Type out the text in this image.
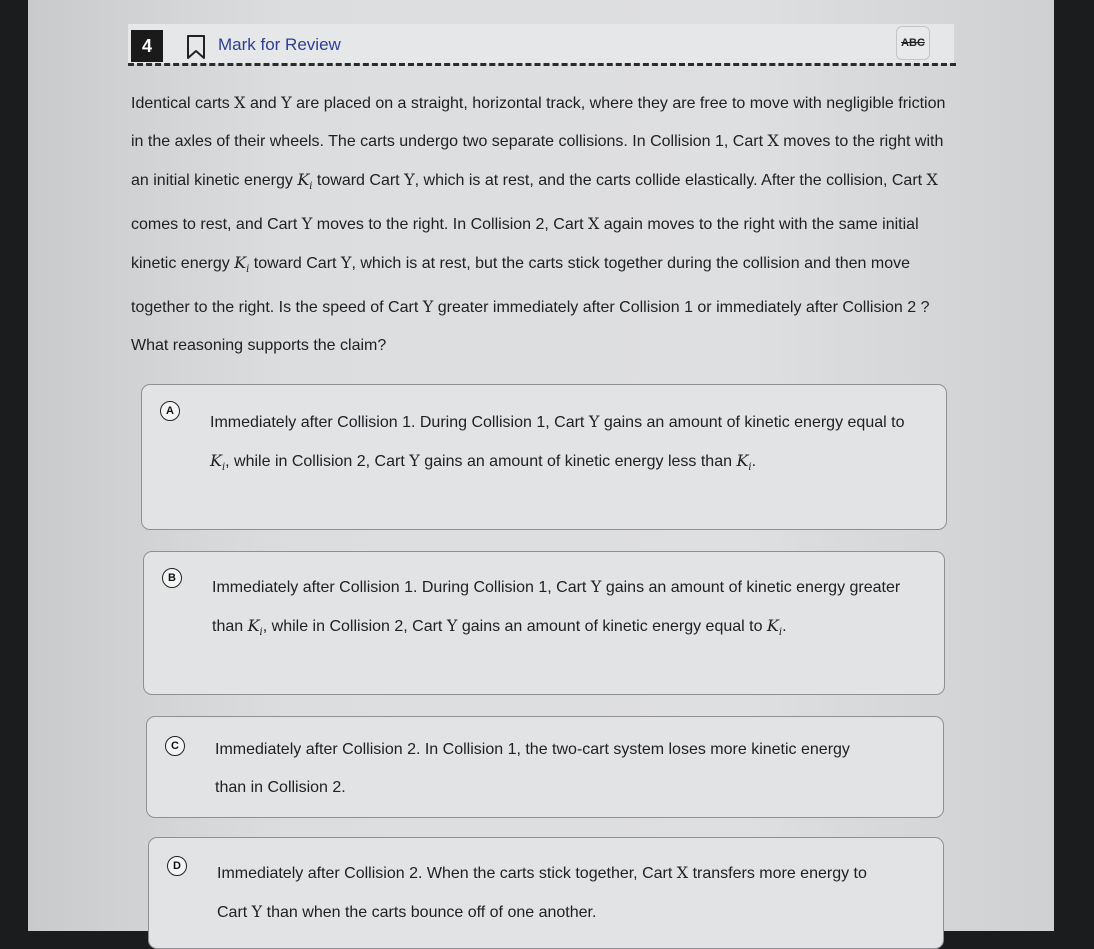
4	Mark for Review	ABC
Identical carts X and Y are placed on a straight, horizontal track, where they are free to move with negligible friction in the axles of their wheels. The carts undergo two separate collisions. In Collision 1, Cart X moves to the right with an initial kinetic energy $K_i$ toward Cart Y, which is at rest, and the carts collide elastically. After the collision, Cart X comes to rest, and Cart Y moves to the right. In Collision 2, Cart X again moves to the right with the same initial kinetic energy $K_i$ toward Cart Y, which is at rest, but the carts stick together during the collision and then move together to the right. Is the speed of Cart Y greater immediately after Collision 1 or immediately after Collision 2 ? What reasoning supports the claim?
A
Immediately after Collision 1. During Collision 1, Cart Y gains an amount of kinetic energy equal to $K_i$, while in Collision 2, Cart Y gains an amount of kinetic energy less than $K_i$.
B
Immediately after Collision 1. During Collision 1, Cart Y gains an amount of kinetic energy greater than $K_i$, while in Collision 2, Cart Y gains an amount of kinetic energy equal to $K_i$.
C	Immediately after Collision 2. In Collision 1, the two-cart system loses more kinetic energy than in Collision 2.
D	Immediately after Collision 2. When the carts stick together, Cart X transfers more energy to Cart Y than when the carts bounce off of one another.
